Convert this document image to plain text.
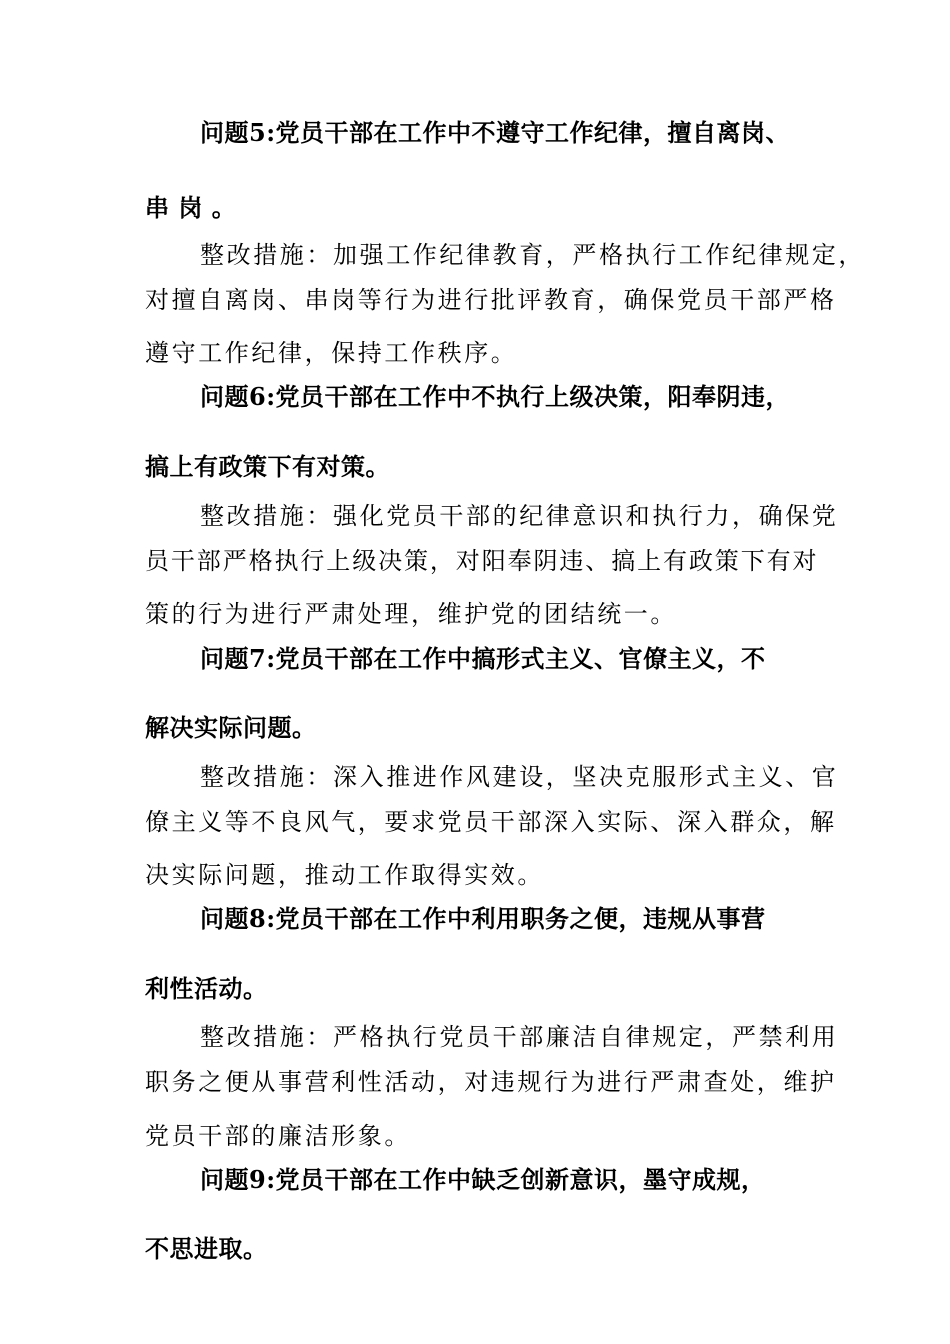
问题5:党员干部在工作中不遵守工作纪律，擅自离岗、
串 岗 。
整改措施：加强工作纪律教育，严格执行工作纪律规定，
对擅自离岗、串岗等行为进行批评教育，确保党员干部严格
遵守工作纪律，保持工作秩序。
问题6:党员干部在工作中不执行上级决策，阳奉阴违，
搞上有政策下有对策。
整改措施：强化党员干部的纪律意识和执行力，确保党
员干部严格执行上级决策，对阳奉阴违、搞上有政策下有对
策的行为进行严肃处理，维护党的团结统一。
问题7:党员干部在工作中搞形式主义、官僚主义，不
解决实际问题。
整改措施：深入推进作风建设，坚决克服形式主义、官
僚主义等不良风气，要求党员干部深入实际、深入群众，解
决实际问题，推动工作取得实效。
问题8:党员干部在工作中利用职务之便，违规从事营
利性活动。
整改措施：严格执行党员干部廉洁自律规定，严禁利用
职务之便从事营利性活动，对违规行为进行严肃查处，维护
党员干部的廉洁形象。
问题9:党员干部在工作中缺乏创新意识，墨守成规，
不思进取。
